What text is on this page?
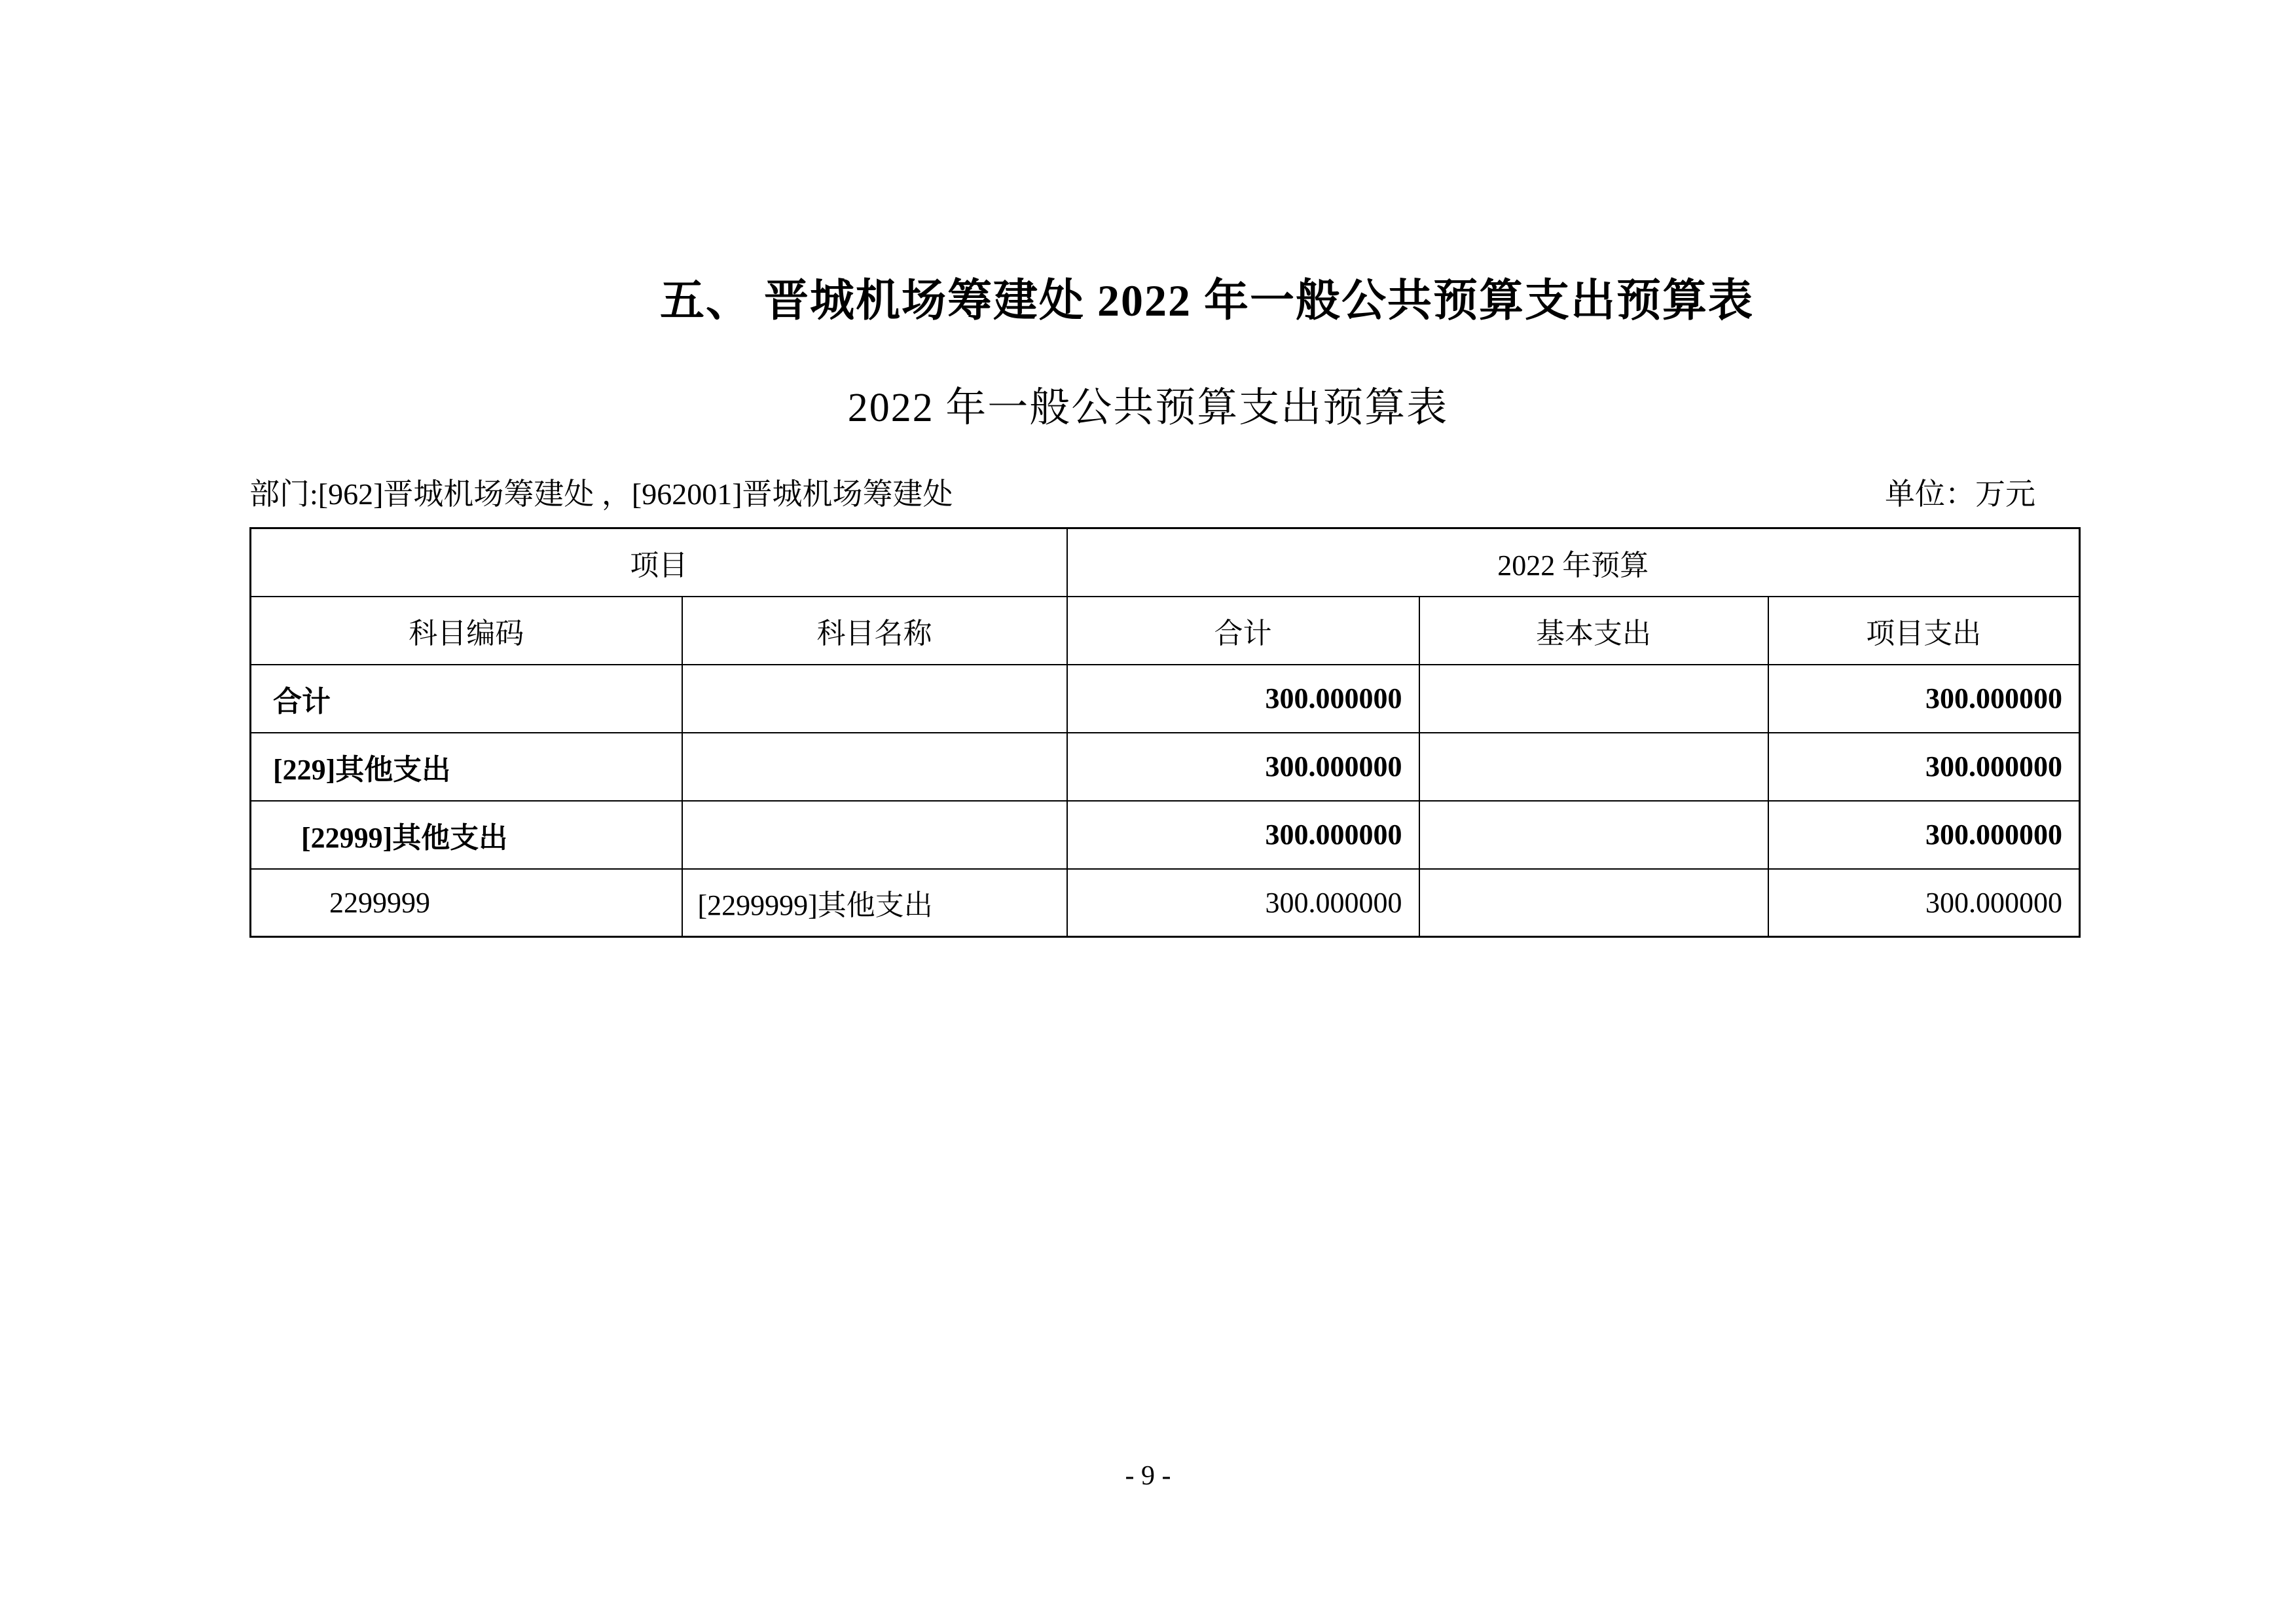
五、 晋城机场筹建处 2022 年一般公共预算支出预算表
2022 年一般公共预算支出预算表
部门:[962]晋城机场筹建处 ，[962001]晋城机场筹建处	单位：万元
项目		2022 年预算		
科目编码	科目名称	合计	基本支出	项目支出
合计		300.000000		300.000000
[229]其他支出		300.000000		300.000000
[22999]其他支出		300.000000		300.000000
2299999	[2299999]其他支出	300.000000		300.000000
- 9 -
